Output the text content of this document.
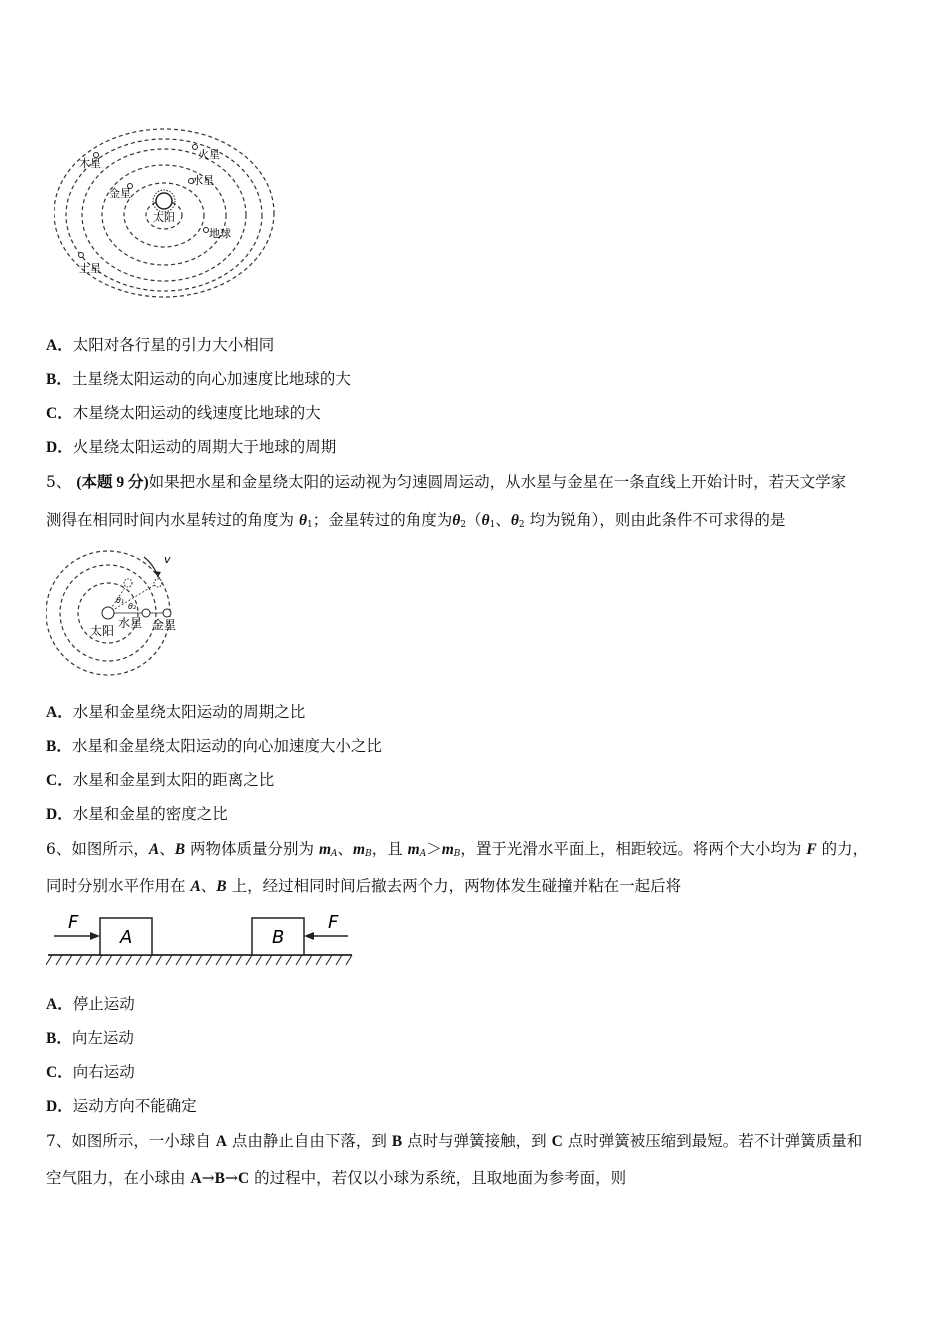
木星
火星
金星
水星
太阳
地球
土星
A．太阳对各行星的引力大小相同
B．土星绕太阳运动的向心加速度比地球的大
C．木星绕太阳运动的线速度比地球的大
D．火星绕太阳运动的周期大于地球的周期
5、 (本题 9 分)如果把水星和金星绕太阳的运动视为匀速圆周运动，从水星与金星在一条直线上开始计时，若天文学家
测得在相同时间内水星转过的角度为 $\theta_1$；金星转过的角度为$\theta_2(\theta_1$、$\theta_2$ 均为锐角），则由此条件不可求得的是
v
θ₁
θ₂
太阳
水星 金星
A．水星和金星绕太阳运动的周期之比
B．水星和金星绕太阳运动的向心加速度大小之比
C．水星和金星到太阳的距离之比
D．水星和金星的密度之比
6、如图所示，A、B 两物体质量分别为 $m_A$、$m_B$，且 $m_A>m_B$，置于光滑水平面上，相距较远。将两个大小均为 F 的力，
同时分别水平作用在 A、B 上，经过相同时间后撤去两个力，两物体发生碰撞并粘在一起后将
A	B
F	F
A．停止运动
B．向左运动
C．向右运动
D．运动方向不能确定
7、如图所示，一小球自 A 点由静止自由下落，到 B 点时与弹簧接触，到 C 点时弹簧被压缩到最短。若不计弹簧质量和
空气阻力，在小球由 A→B→C 的过程中，若仅以小球为系统，且取地面为参考面，则
